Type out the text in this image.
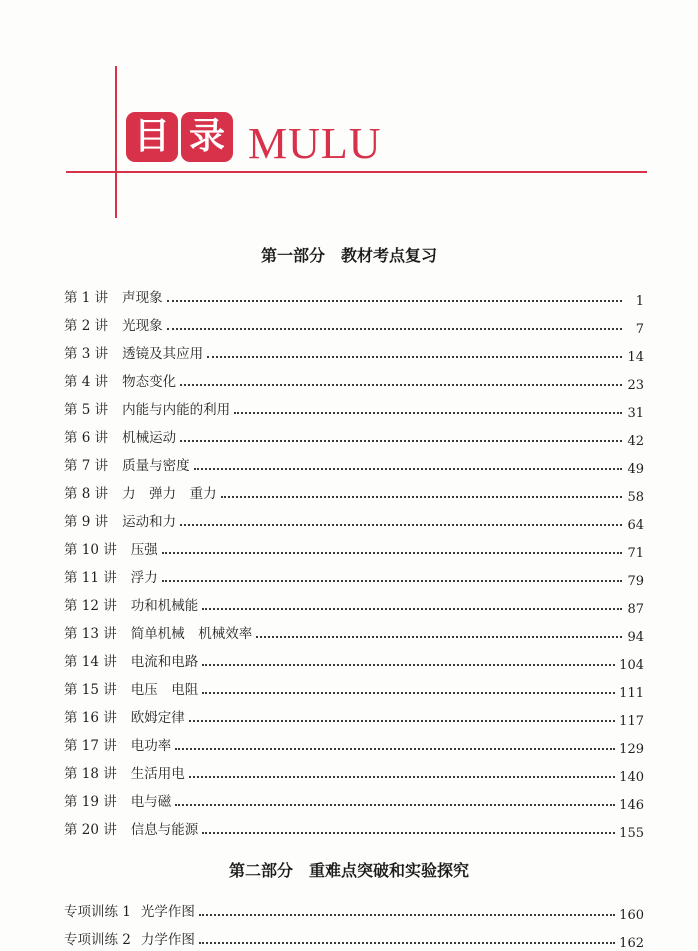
目 录 MULU
第一部分 教材考点复习
第 1 讲 声现象	1
第 2 讲 光现象	7
第 3 讲 透镜及其应用	14
第 4 讲 物态变化	23
第 5 讲 内能与内能的利用	31
第 6 讲 机械运动	42
第 7 讲 质量与密度	49
第 8 讲 力　弹力　重力	58
第 9 讲 运动和力	64
第 10 讲 压强	71
第 11 讲 浮力	79
第 12 讲 功和机械能	87
第 13 讲 简单机械　机械效率	94
第 14 讲 电流和电路	104
第 15 讲 电压　电阻	111
第 16 讲 欧姆定律	117
第 17 讲 电功率	129
第 18 讲 生活用电	140
第 19 讲 电与磁	146
第 20 讲 信息与能源	155
第二部分 重难点突破和实验探究
专项训练 1 光学作图	160
专项训练 2 力学作图	162
